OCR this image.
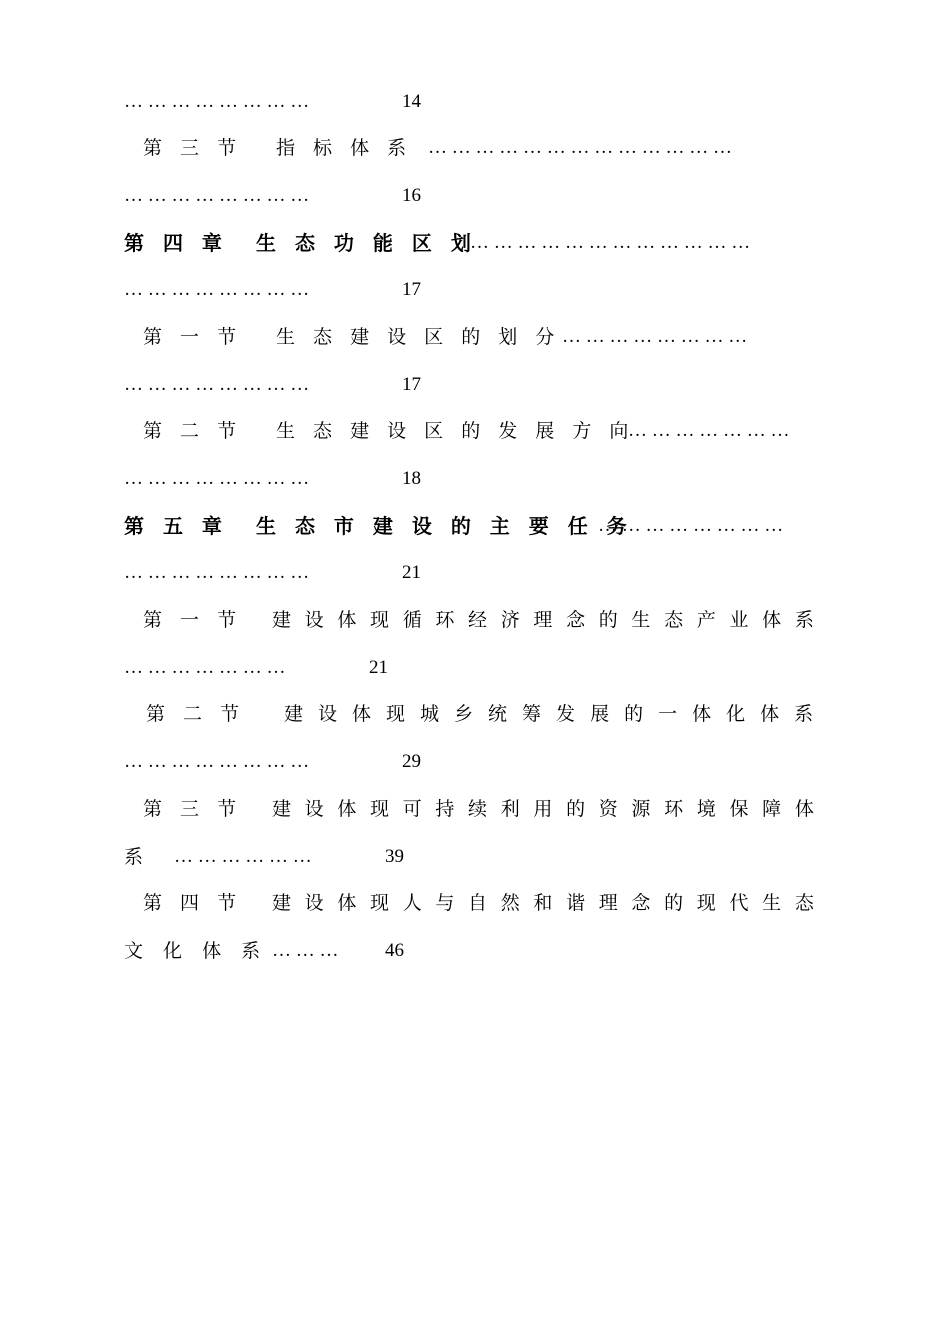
… … … … … … … …	14
第 三 节 指 标 体 系 … … … … … … … … … … … … …
… … … … … … … …	16
第 四 章 生 态 功 能 区 划
… … … … … … … … … … … …
… … … … … … … …	17
第 一 节 生 态 建 设 区 的 划 分 … … … … … … … …
… … … … … … … …	17
第 二 节 生 态 建 设 区 的 发 展 方 向
… … … … … … …
… … … … … … … …	18
第 五 章 生 态 市 建 设 的 主 要 任 务
… … … … … … … …
… … … … … … … …	21
第 一 节 建 设 体 现 循 环 经 济 理 念 的 生 态 产 业 体 系
… … … … … … …	21
第 二 节 建 设 体 现 城 乡 统 筹 发 展 的 一 体 化 体 系
… … … … … … … …	29
第 三 节 建 设 体 现 可 持 续 利 用 的 资 源 环 境 保 障 体
系 … … … … … …	39
第 四 节 建 设 体 现 人 与 自 然 和 谐 理 念 的 现 代 生 态
文 化 体 系 … … … 46
